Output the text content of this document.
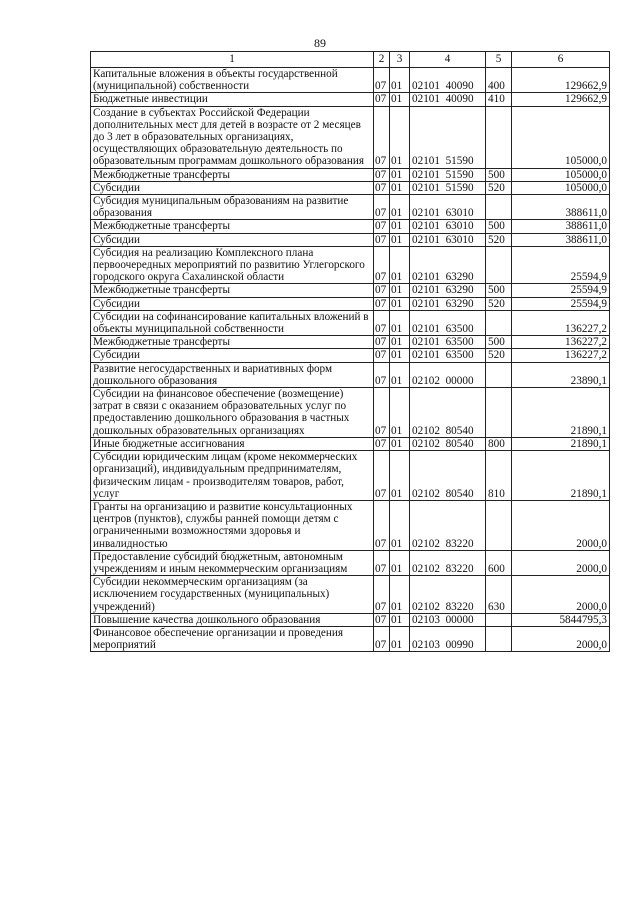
89
1	2	3	4	5	6
Капитальные вложения в объекты государственной (муниципальной) собственности	07	01	02101  40090	400	129662,9
Бюджетные инвестиции	07	01	02101  40090	410	129662,9
Создание в субъектах Российской Федерации дополнительных мест для детей в возрасте от 2 месяцев до 3 лет в образовательных организациях, осуществляющих образовательную деятельность по образовательным программам дошкольного образования	07	01	02101  51590		105000,0
Межбюджетные трансферты	07	01	02101  51590	500	105000,0
Субсидии	07	01	02101  51590	520	105000,0
Субсидия муниципальным образованиям на развитие образования	07	01	02101  63010		388611,0
Межбюджетные трансферты	07	01	02101  63010	500	388611,0
Субсидии	07	01	02101  63010	520	388611,0
Субсидия на реализацию Комплексного плана первоочередных мероприятий по развитию Углегорского городского округа Сахалинской области	07	01	02101  63290		25594,9
Межбюджетные трансферты	07	01	02101  63290	500	25594,9
Субсидии	07	01	02101  63290	520	25594,9
Субсидии на софинансирование капитальных вложений в объекты муниципальной собственности	07	01	02101  63500		136227,2
Межбюджетные трансферты	07	01	02101  63500	500	136227,2
Субсидии	07	01	02101  63500	520	136227,2
Развитие негосударственных и вариативных форм дошкольного образования	07	01	02102  00000		23890,1
Субсидии на финансовое обеспечение (возмещение) затрат в связи с оказанием образовательных услуг по предоставлению дошкольного образования в частных дошкольных образовательных организациях	07	01	02102  80540		21890,1
Иные бюджетные ассигнования	07	01	02102  80540	800	21890,1
Субсидии юридическим лицам (кроме некоммерческих организаций), индивидуальным предпринимателям, физическим лицам - производителям товаров, работ, услуг	07	01	02102  80540	810	21890,1
Гранты на организацию и развитие консультационных центров (пунктов), службы ранней помощи детям с ограниченными возможностями здоровья и инвалидностью	07	01	02102  83220		2000,0
Предоставление субсидий бюджетным, автономным учреждениям и иным некоммерческим организациям	07	01	02102  83220	600	2000,0
Субсидии некоммерческим организациям (за исключением государственных (муниципальных) учреждений)	07	01	02102  83220	630	2000,0
Повышение качества дошкольного образования	07	01	02103  00000		5844795,3
Финансовое обеспечение организации и проведения мероприятий	07	01	02103  00990		2000,0
